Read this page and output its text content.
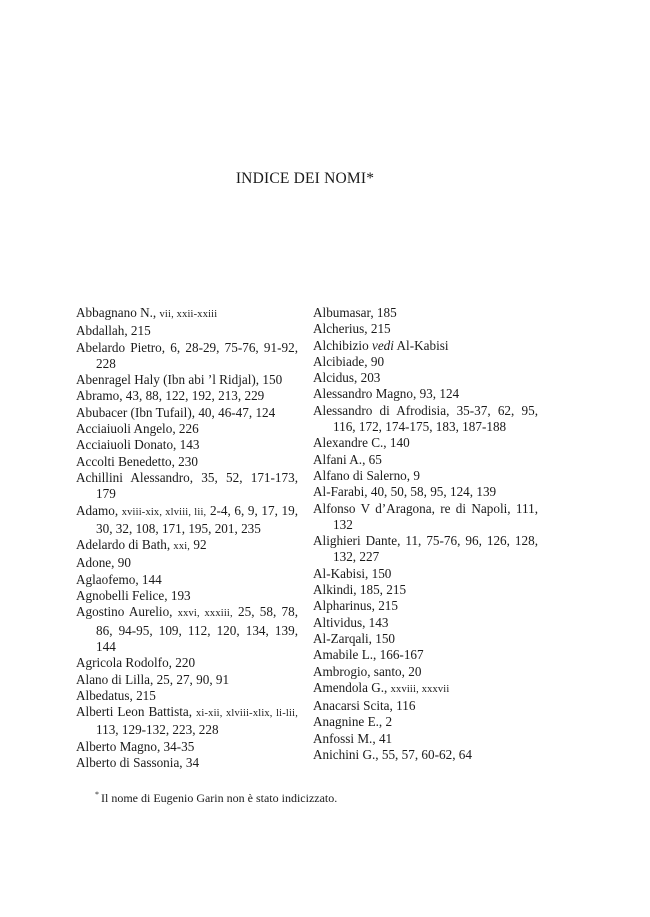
INDICE DEI NOMI*

Abbagnano N., vii, xxii-xxiii

Abdallah, 215

Abelardo Pietro, 6, 28-29, 75-76, 91-92, 228

Abenragel Haly (Ibn abi ’l Ridjal), 150

Abramo, 43, 88, 122, 192, 213, 229

Abubacer (Ibn Tufail), 40, 46-47, 124

Acciaiuoli Angelo, 226

Acciaiuoli Donato, 143

Accolti Benedetto, 230

Achillini Alessandro, 35, 52, 171-173, 179

Adamo, xviii-xix, xlviii, lii, 2-4, 6, 9, 17, 19, 30, 32, 108, 171, 195, 201, 235

Adelardo di Bath, xxi, 92

Adone, 90

Aglaofemo, 144

Agnobelli Felice, 193

Agostino Aurelio, xxvi, xxxiii, 25, 58, 78, 86, 94-95, 109, 112, 120, 134, 139, 144

Agricola Rodolfo, 220

Alano di Lilla, 25, 27, 90, 91

Albedatus, 215

Alberti Leon Battista, xi-xii, xlviii-xlix, li-lii, 113, 129-132, 223, 228

Alberto Magno, 34-35

Alberto di Sassonia, 34

Albumasar, 185

Alcherius, 215

Alchibizio vedi Al-Kabisi

Alcibiade, 90

Alcidus, 203

Alessandro Magno, 93, 124

Alessandro di Afrodisia, 35-37, 62, 95, 116, 172, 174-175, 183, 187-188

Alexandre C., 140

Alfani A., 65

Alfano di Salerno, 9

Al-Farabi, 40, 50, 58, 95, 124, 139

Alfonso V d’Aragona, re di Napoli, 111, 132

Alighieri Dante, 11, 75-76, 96, 126, 128, 132, 227

Al-Kabisi, 150

Alkindi, 185, 215

Alpharinus, 215

Altividus, 143

Al-Zarqali, 150

Amabile L., 166-167

Ambrogio, santo, 20

Amendola G., xxviii, xxxvii

Anacarsi Scita, 116

Anagnine E., 2

Anfossi M., 41

Anichini G., 55, 57, 60-62, 64

* Il nome di Eugenio Garin non è stato indicizzato.
